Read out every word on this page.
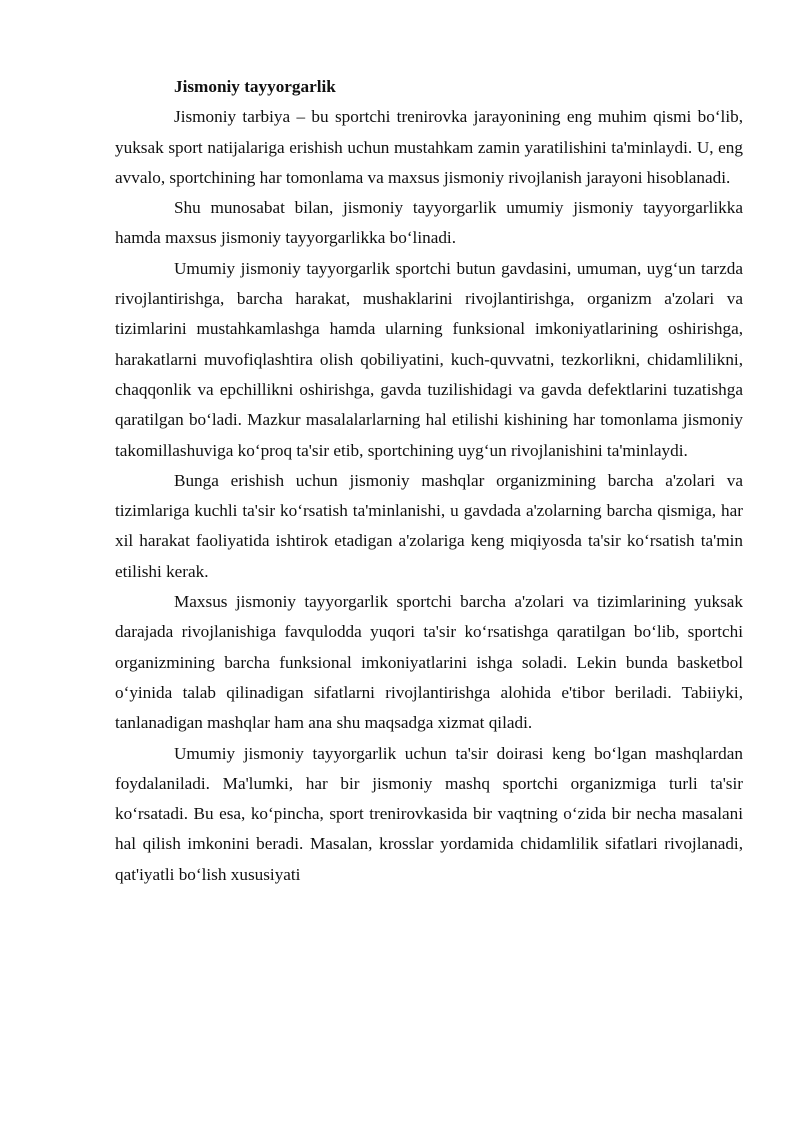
Jismoniy tayyorgarlik

Jismoniy tarbiya – bu sportchi trenirovka jarayonining eng muhim qismi bo‘lib, yuksak sport natijalariga erishish uchun mustahkam zamin yaratilishini ta'minlaydi. U, eng avvalo, sportchining har tomonlama va maxsus jismoniy rivojlanish jarayoni hisoblanadi.

Shu munosabat bilan, jismoniy tayyorgarlik umumiy jismoniy tayyorgarlikka hamda maxsus jismoniy tayyorgarlikka bo‘linadi.

Umumiy jismoniy tayyorgarlik sportchi butun gavdasini, umuman, uyg‘un tarzda rivojlantirishga, barcha harakat, mushaklarini rivojlantirishga, organizm a'zolari va tizimlarini mustahkamlashga hamda ularning funksional imkoniyatlarining oshirishga, harakatlarni muvofiqlashtira olish qobiliyatini, kuch-quvvatni, tezkorlikni, chidamlilikni, chaqqonlik va epchillikni oshirishga, gavda tuzilishidagi va gavda defektlarini tuzatishga qaratilgan bo‘ladi. Mazkur masalalarlarning hal etilishi kishining har tomonlama jismoniy takomillashuviga ko‘proq ta'sir etib, sportchining uyg‘un rivojlanishini ta'minlaydi.

Bunga erishish uchun jismoniy mashqlar organizmining barcha a'zolari va tizimlariga kuchli ta'sir ko‘rsatish ta'minlanishi, u gavdada a'zolarning barcha qismiga, har xil harakat faoliyatida ishtirok etadigan a'zolariga keng miqiyosda ta'sir ko‘rsatish ta'min etilishi kerak.

Maxsus jismoniy tayyorgarlik sportchi barcha a'zolari va tizimlarining yuksak darajada rivojlanishiga favqulodda yuqori ta'sir ko‘rsatishga qaratilgan bo‘lib, sportchi organizmining barcha funksional imkoniyatlarini ishga soladi. Lekin bunda basketbol o‘yinida talab qilinadigan sifatlarni rivojlantirishga alohida e'tibor beriladi. Tabiiyki, tanlanadigan mashqlar ham ana shu maqsadga xizmat qiladi.

Umumiy jismoniy tayyorgarlik uchun ta'sir doirasi keng bo‘lgan mashqlardan foydalaniladi. Ma'lumki, har bir jismoniy mashq sportchi organizmiga turli ta'sir ko‘rsatadi. Bu esa, ko‘pincha, sport trenirovkasida bir vaqtning o‘zida bir necha masalani hal qilish imkonini beradi. Masalan, krosslar yordamida chidamlilik sifatlari rivojlanadi, qat'iyatli bo‘lish xususiyati
